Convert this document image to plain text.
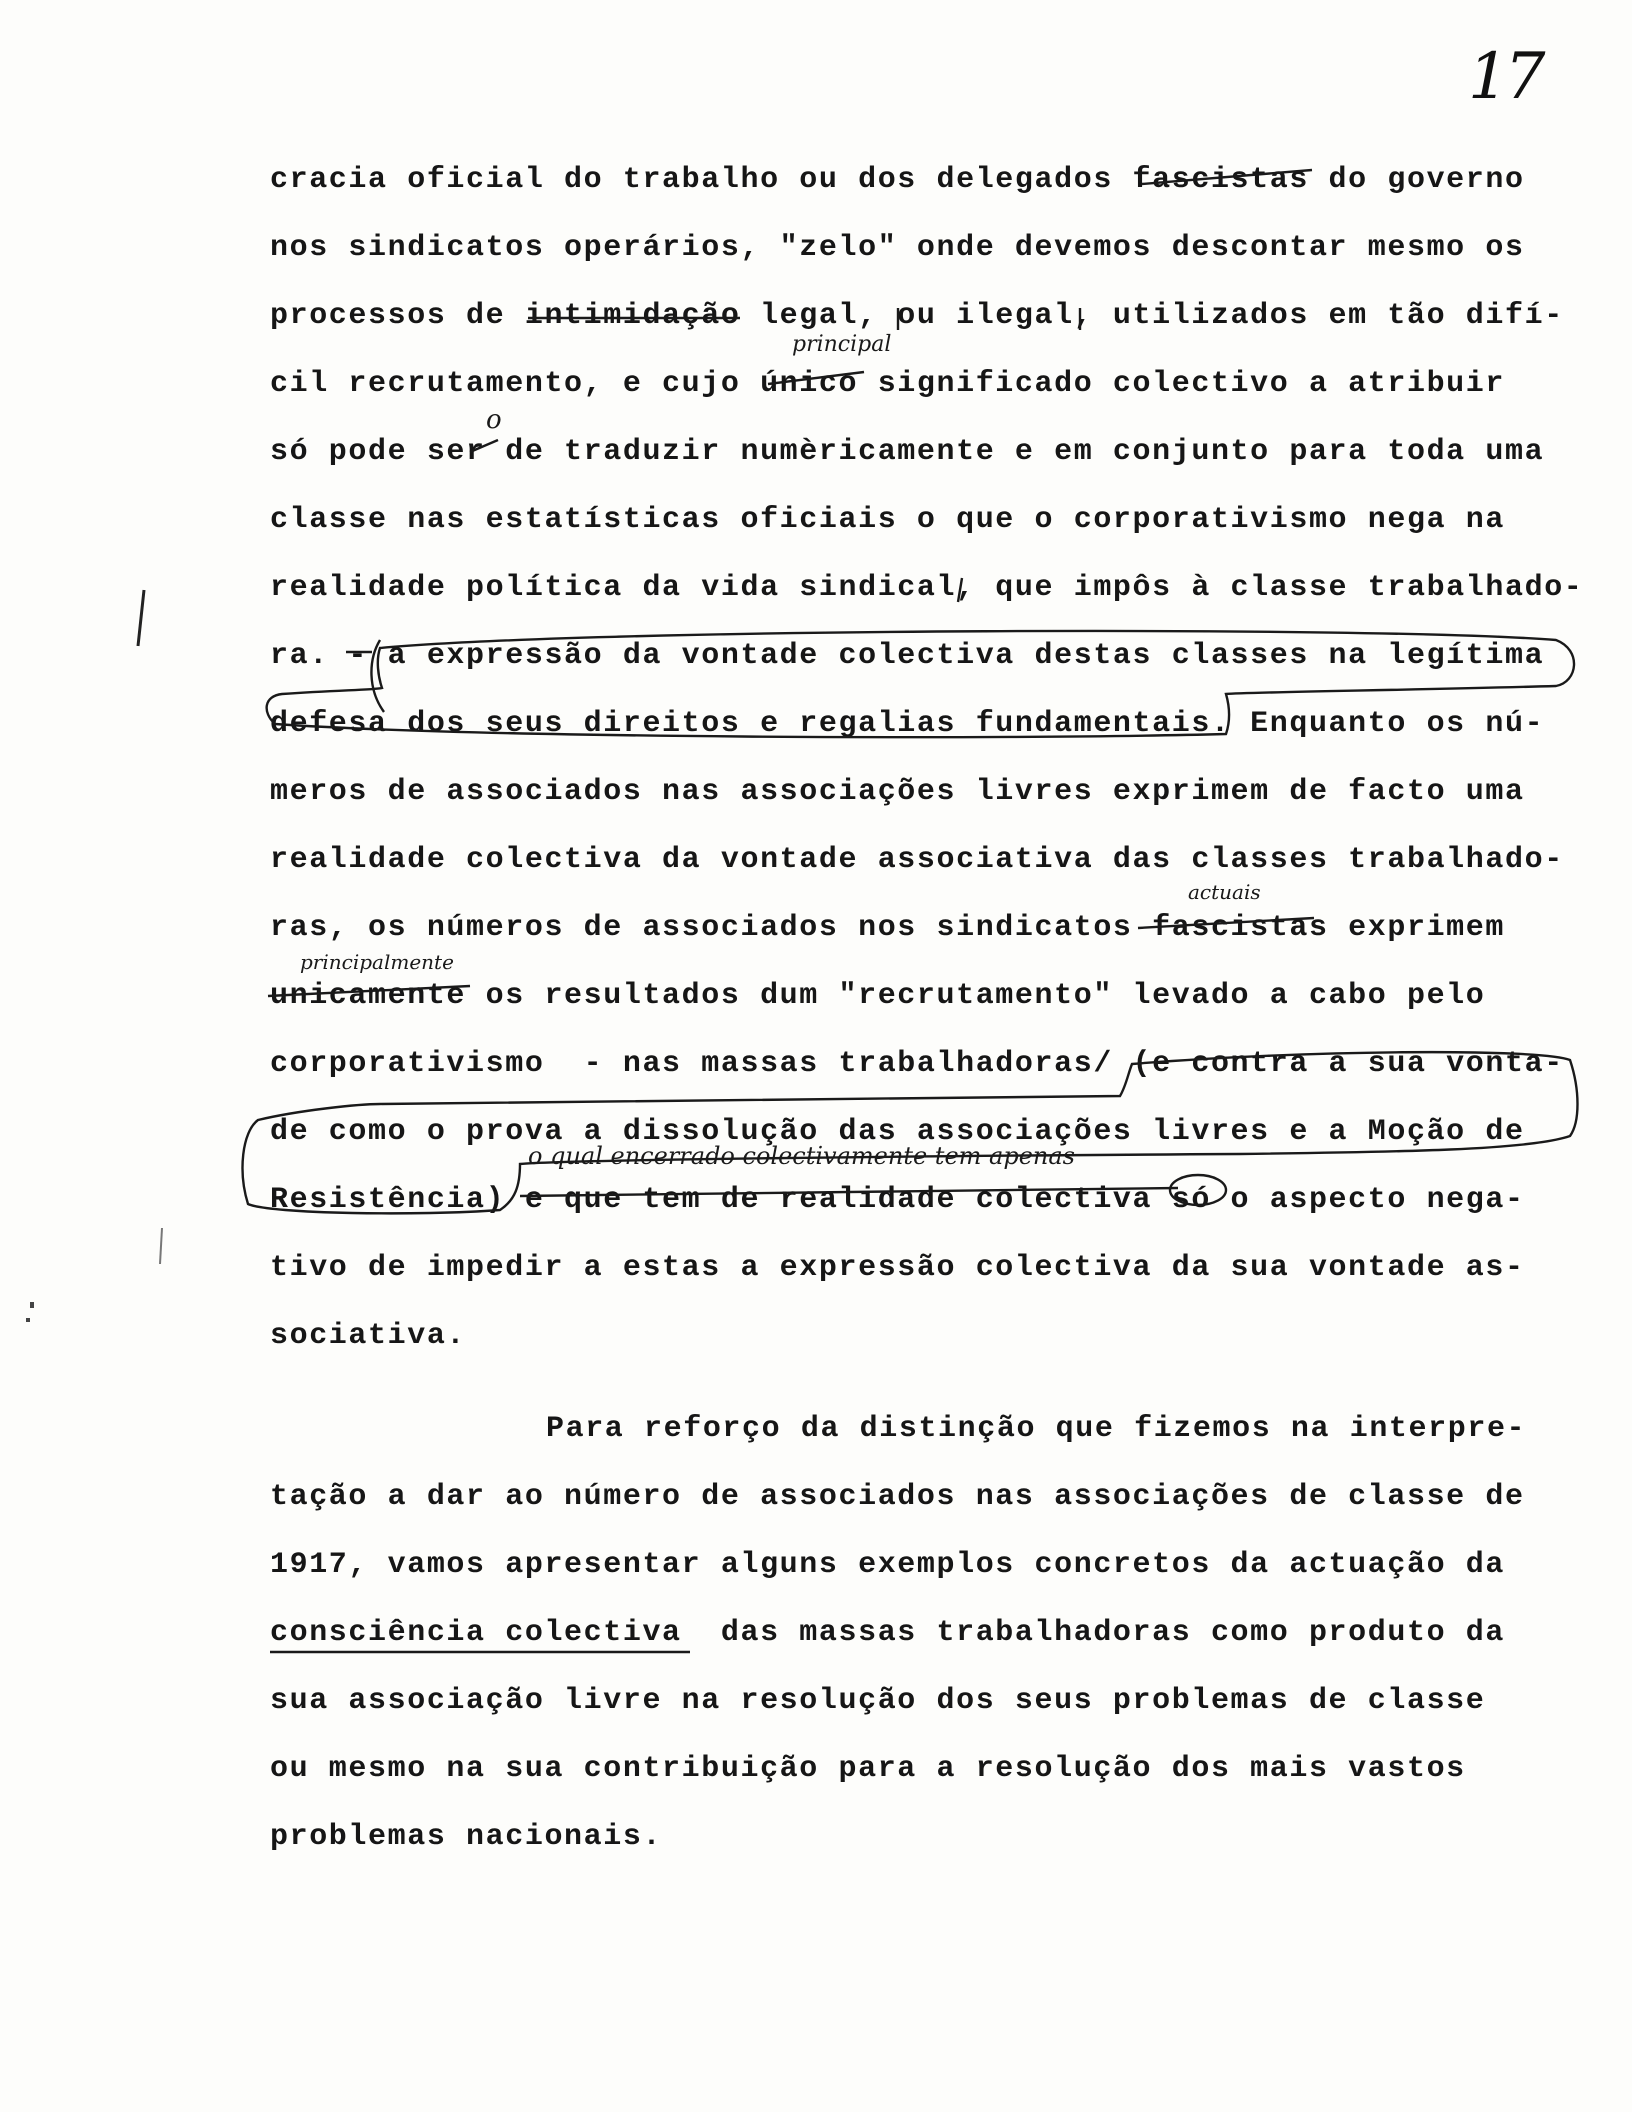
17
cracia oficial do trabalho ou dos delegados fascistas do governo
nos sindicatos operários, "zelo" onde devemos descontar mesmo os
processos de intimidação legal, ou ilegal, utilizados em tão difí-
cil recrutamento, e cujo único significado colectivo a atribuir
só pode ser de traduzir numèricamente e em conjunto para toda uma
classe nas estatísticas oficiais o que o corporativismo nega na
realidade política da vida sindical, que impôs à classe trabalhado-
ra. - a expressão da vontade colectiva destas classes na legítima
defesa dos seus direitos e regalias fundamentais. Enquanto os nú-
meros de associados nas associações livres exprimem de facto uma
realidade colectiva da vontade associativa das classes trabalhado-
ras, os números de associados nos sindicatos fascistas exprimem
unicamente os resultados dum "recrutamento" levado a cabo pelo
corporativismo  - nas massas trabalhadoras/ (e contra a sua vonta-
de como o prova a dissolução das associações livres e a Moção de
Resistência) e que tem de realidade colectiva só o aspecto nega-
tivo de impedir a estas a expressão colectiva da sua vontade as-
sociativa.
Para reforço da distinção que fizemos na interpre-
tação a dar ao número de associados nas associações de classe de
1917, vamos apresentar alguns exemplos concretos da actuação da
consciência colectiva  das massas trabalhadoras como produto da
sua associação livre na resolução dos seus problemas de classe
ou mesmo na sua contribuição para a resolução dos mais vastos
problemas nacionais.
principal
o
actuais
principalmente
o qual encerrado colectivamente tem apenas
